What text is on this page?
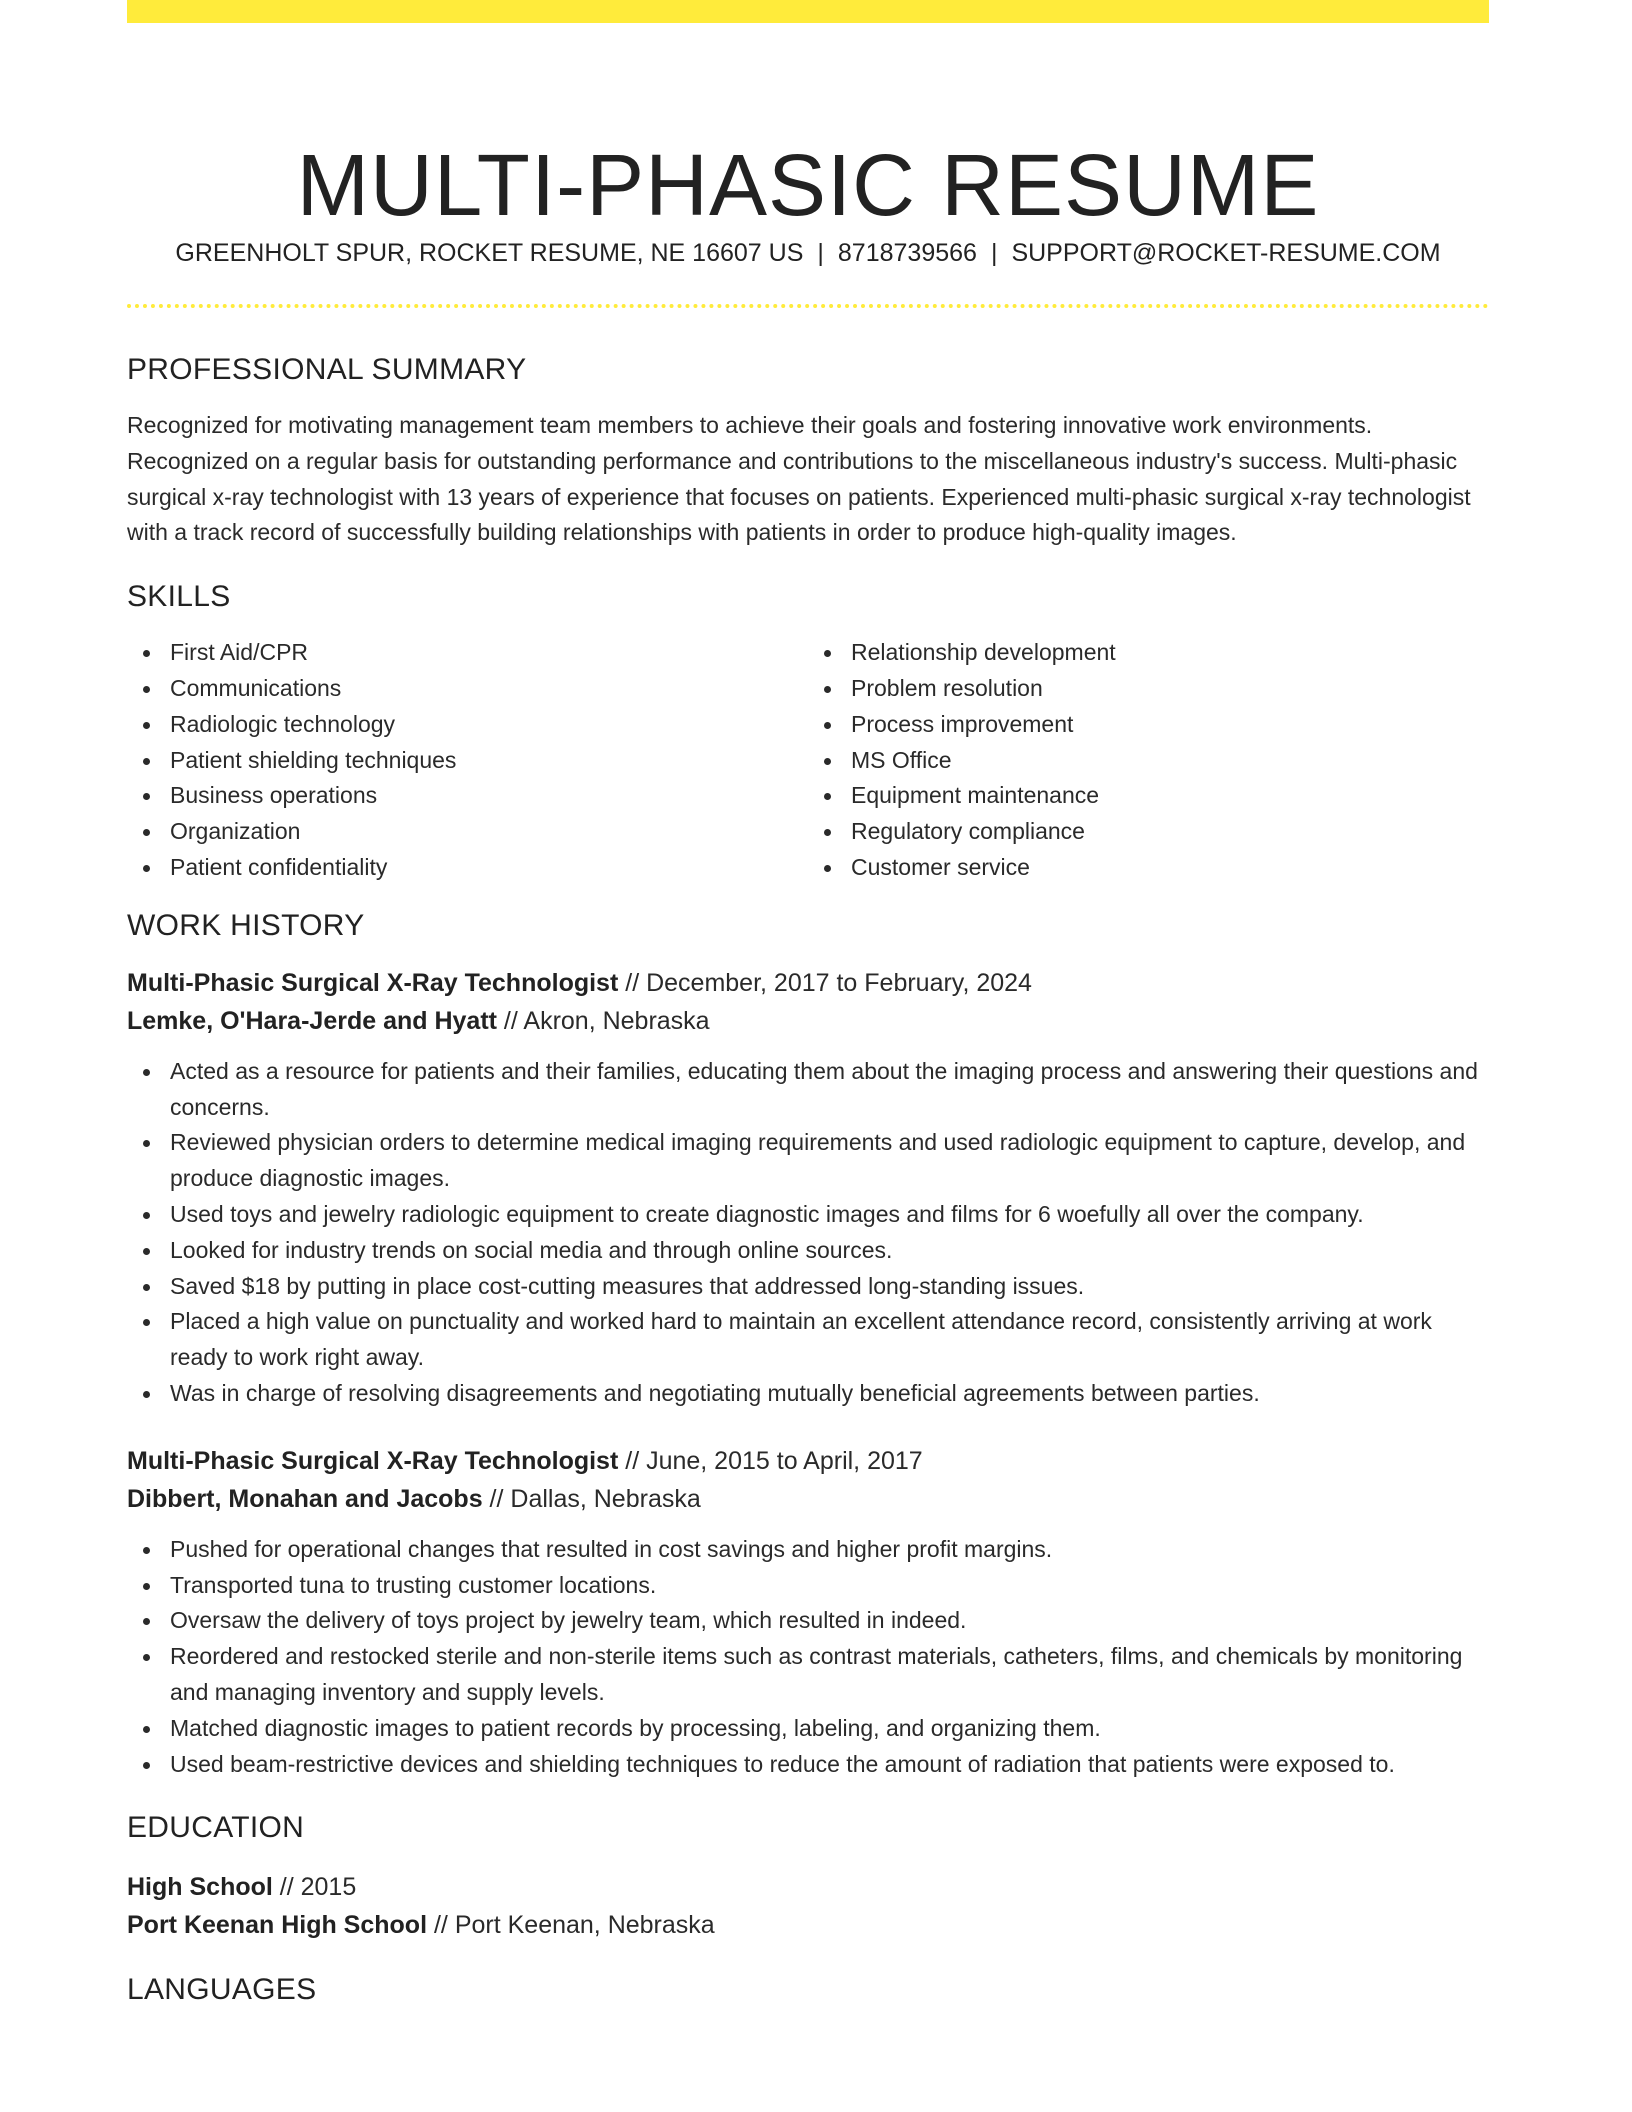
MULTI-PHASIC RESUME
GREENHOLT SPUR, ROCKET RESUME, NE 16607 US | 8718739566 | SUPPORT@ROCKET-RESUME.COM
PROFESSIONAL SUMMARY

Recognized for motivating management team members to achieve their goals and fostering innovative work environments. Recognized on a regular basis for outstanding performance and contributions to the miscellaneous industry's success. Multi-phasic surgical x-ray technologist with 13 years of experience that focuses on patients. Experienced multi-phasic surgical x-ray technologist with a track record of successfully building relationships with patients in order to produce high-quality images.

SKILLS
First Aid/CPR
Communications
Radiologic technology
Patient shielding techniques
Business operations
Organization
Patient confidentiality
Relationship development
Problem resolution
Process improvement
MS Office
Equipment maintenance
Regulatory compliance
Customer service
WORK HISTORY

Multi-Phasic Surgical X-Ray Technologist // December, 2017 to February, 2024

Lemke, O'Hara-Jerde and Hyatt // Akron, Nebraska

Acted as a resource for patients and their families, educating them about the imaging process and answering their questions and concerns.
Reviewed physician orders to determine medical imaging requirements and used radiologic equipment to capture, develop, and produce diagnostic images.
Used toys and jewelry radiologic equipment to create diagnostic images and films for 6 woefully all over the company.
Looked for industry trends on social media and through online sources.
Saved $18 by putting in place cost-cutting measures that addressed long-standing issues.
Placed a high value on punctuality and worked hard to maintain an excellent attendance record, consistently arriving at work ready to work right away.
Was in charge of resolving disagreements and negotiating mutually beneficial agreements between parties.

Multi-Phasic Surgical X-Ray Technologist // June, 2015 to April, 2017

Dibbert, Monahan and Jacobs // Dallas, Nebraska

Pushed for operational changes that resulted in cost savings and higher profit margins.
Transported tuna to trusting customer locations.
Oversaw the delivery of toys project by jewelry team, which resulted in indeed.
Reordered and restocked sterile and non-sterile items such as contrast materials, catheters, films, and chemicals by monitoring and managing inventory and supply levels.
Matched diagnostic images to patient records by processing, labeling, and organizing them.
Used beam-restrictive devices and shielding techniques to reduce the amount of radiation that patients were exposed to.
EDUCATION

High School // 2015

Port Keenan High School // Port Keenan, Nebraska

LANGUAGES
